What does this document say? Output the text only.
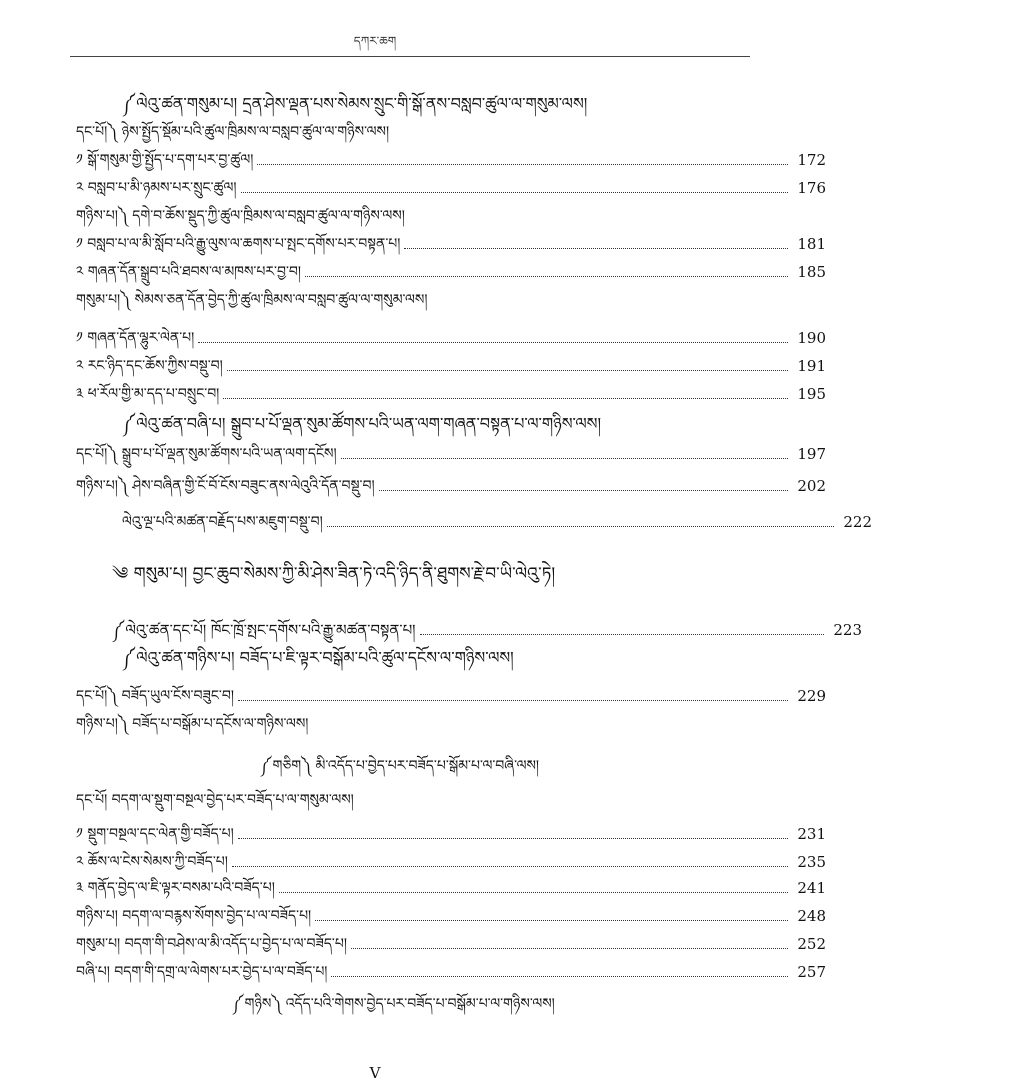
དཀར་ཆག
༼ལེའུ་ཚན་གསུམ་པ། དྲན་ཤེས་ལྡན་པས་སེམས་སྲུང་གི་སྒོ་ནས་བསླབ་ཚུལ་ལ་གསུམ་ལས།
དང་པོ།༽ ཉེས་སྤྱོད་སྡོམ་པའི་ཚུལ་ཁྲིམས་ལ་བསླབ་ཚུལ་ལ་གཉིས་ལས།
༡ སྒོ་གསུམ་གྱི་སྤྱོད་པ་དག་པར་བྱ་ཚུལ།	172
༢ བསླབ་པ་མི་ཉམས་པར་སྲུང་ཚུལ།	176
གཉིས་པ།༽ དགེ་བ་ཆོས་སྡུད་ཀྱི་ཚུལ་ཁྲིམས་ལ་བསླབ་ཚུལ་ལ་གཉིས་ལས།
༡ བསླབ་པ་ལ་མི་སློབ་པའི་རྒྱུ་ལུས་ལ་ཆགས་པ་སྤང་དགོས་པར་བསྟན་པ།	181
༢ གཞན་དོན་སྒྲུབ་པའི་ཐབས་ལ་མཁས་པར་བྱ་བ།	185
གསུམ་པ།༽ སེམས་ཅན་དོན་བྱེད་ཀྱི་ཚུལ་ཁྲིམས་ལ་བསླབ་ཚུལ་ལ་གསུམ་ལས།
༡ གཞན་དོན་ལྷུར་ལེན་པ།	190
༢ རང་ཉིད་དང་ཆོས་ཀྱིས་བསྡུ་བ།	191
༣ ཕ་རོལ་གྱི་མ་དད་པ་བསྲུང་བ།	195
༼ལེའུ་ཚན་བཞི་པ། སྒྲུབ་པ་པོ་ལྡན་སུམ་ཚོགས་པའི་ཡན་ལག་གཞན་བསྟན་པ་ལ་གཉིས་ལས།
དང་པོ།༽ སྒྲུབ་པ་པོ་ལྡན་སུམ་ཚོགས་པའི་ཡན་ལག་དངོས།	197
གཉིས་པ།༽ ཤེས་བཞིན་གྱི་ངོ་བོ་ངོས་བཟུང་ནས་ལེའུའི་དོན་བསྡུ་བ།	202
ལེའུ་ལྔ་པའི་མཚན་བརྗོད་པས་མཇུག་བསྡུ་བ།	222
༄ གསུམ་པ། བྱང་ཆུབ་སེམས་ཀྱི་མི་ཤེས་ཟིན་ཏེ་འདི་ཉིད་ནི་ཐུགས་རྗེ་བ་ཡི་ལེའུ་ཏེ།
༼ལེའུ་ཚན་དང་པོ། ཁོང་ཁྲོ་སྤང་དགོས་པའི་རྒྱུ་མཚན་བསྟན་པ།	223
༼ལེའུ་ཚན་གཉིས་པ། བཟོད་པ་ཇི་ལྟར་བསྒོམ་པའི་ཚུལ་དངོས་ལ་གཉིས་ལས།
དང་པོ།༽ བཟོད་ཡུལ་ངོས་བཟུང་བ།	229
གཉིས་པ།༽ བཟོད་པ་བསྒོམ་པ་དངོས་ལ་གཉིས་ལས།
༼གཅིག༽ མི་འདོད་པ་བྱེད་པར་བཟོད་པ་སྒོམ་པ་ལ་བཞི་ལས།
དང་པོ། བདག་ལ་སྡུག་བསྔལ་བྱེད་པར་བཟོད་པ་ལ་གསུམ་ལས།
༡ སྡུག་བསྔལ་དང་ལེན་གྱི་བཟོད་པ།	231
༢ ཆོས་ལ་ངེས་སེམས་ཀྱི་བཟོད་པ།	235
༣ གནོད་བྱེད་ལ་ཇི་ལྟར་བསམ་པའི་བཟོད་པ།	241
གཉིས་པ། བདག་ལ་བརྙས་སོགས་བྱེད་པ་ལ་བཟོད་པ།	248
གསུམ་པ། བདག་གི་བཤེས་ལ་མི་འདོད་པ་བྱེད་པ་ལ་བཟོད་པ།	252
བཞི་པ། བདག་གི་དགྲ་ལ་ལེགས་པར་བྱེད་པ་ལ་བཟོད་པ།	257
༼གཉིས༽ འདོད་པའི་གེགས་བྱེད་པར་བཟོད་པ་བསྒོམ་པ་ལ་གཉིས་ལས།
V
